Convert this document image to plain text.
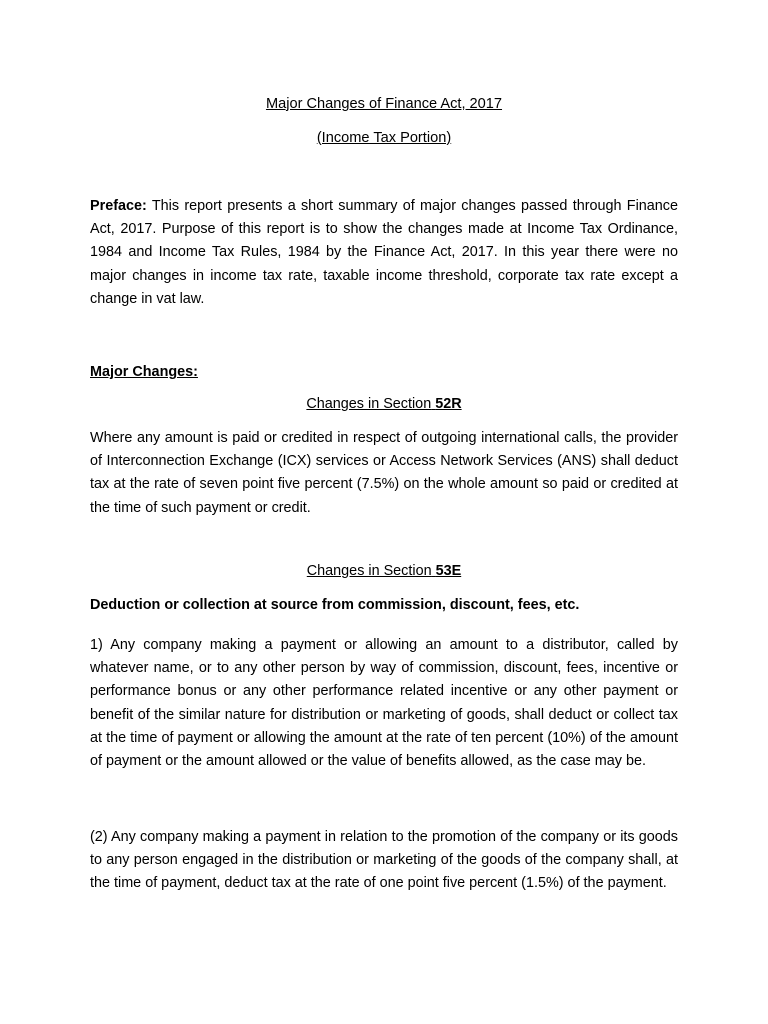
Major Changes of Finance Act, 2017
(Income Tax Portion)
Preface: This report presents a short summary of major changes passed through Finance Act, 2017. Purpose of this report is to show the changes made at Income Tax Ordinance, 1984 and Income Tax Rules, 1984 by the Finance Act, 2017. In this year there were no major changes in income tax rate, taxable income threshold, corporate tax rate except a change in vat law.
Major Changes:
Changes in Section 52R
Where any amount is paid or credited in respect of outgoing international calls, the provider of Interconnection Exchange (ICX) services or Access Network Services (ANS) shall deduct tax at the rate of seven point five percent (7.5%) on the whole amount so paid or credited at the time of such payment or credit.
Changes in Section 53E
Deduction or collection at source from commission, discount, fees, etc.
1) Any company making a payment or allowing an amount to a distributor, called by whatever name, or to any other person by way of commission, discount, fees, incentive or performance bonus or any other performance related incentive or any other payment or benefit of the similar nature for distribution or marketing of goods, shall deduct or collect tax at the time of payment or allowing the amount at the rate of ten percent (10%) of the amount of payment or the amount allowed or the value of benefits allowed, as the case may be.
(2) Any company making a payment in relation to the promotion of the company or its goods to any person engaged in the distribution or marketing of the goods of the company shall, at the time of payment, deduct tax at the rate of one point five percent (1.5%) of the payment.
